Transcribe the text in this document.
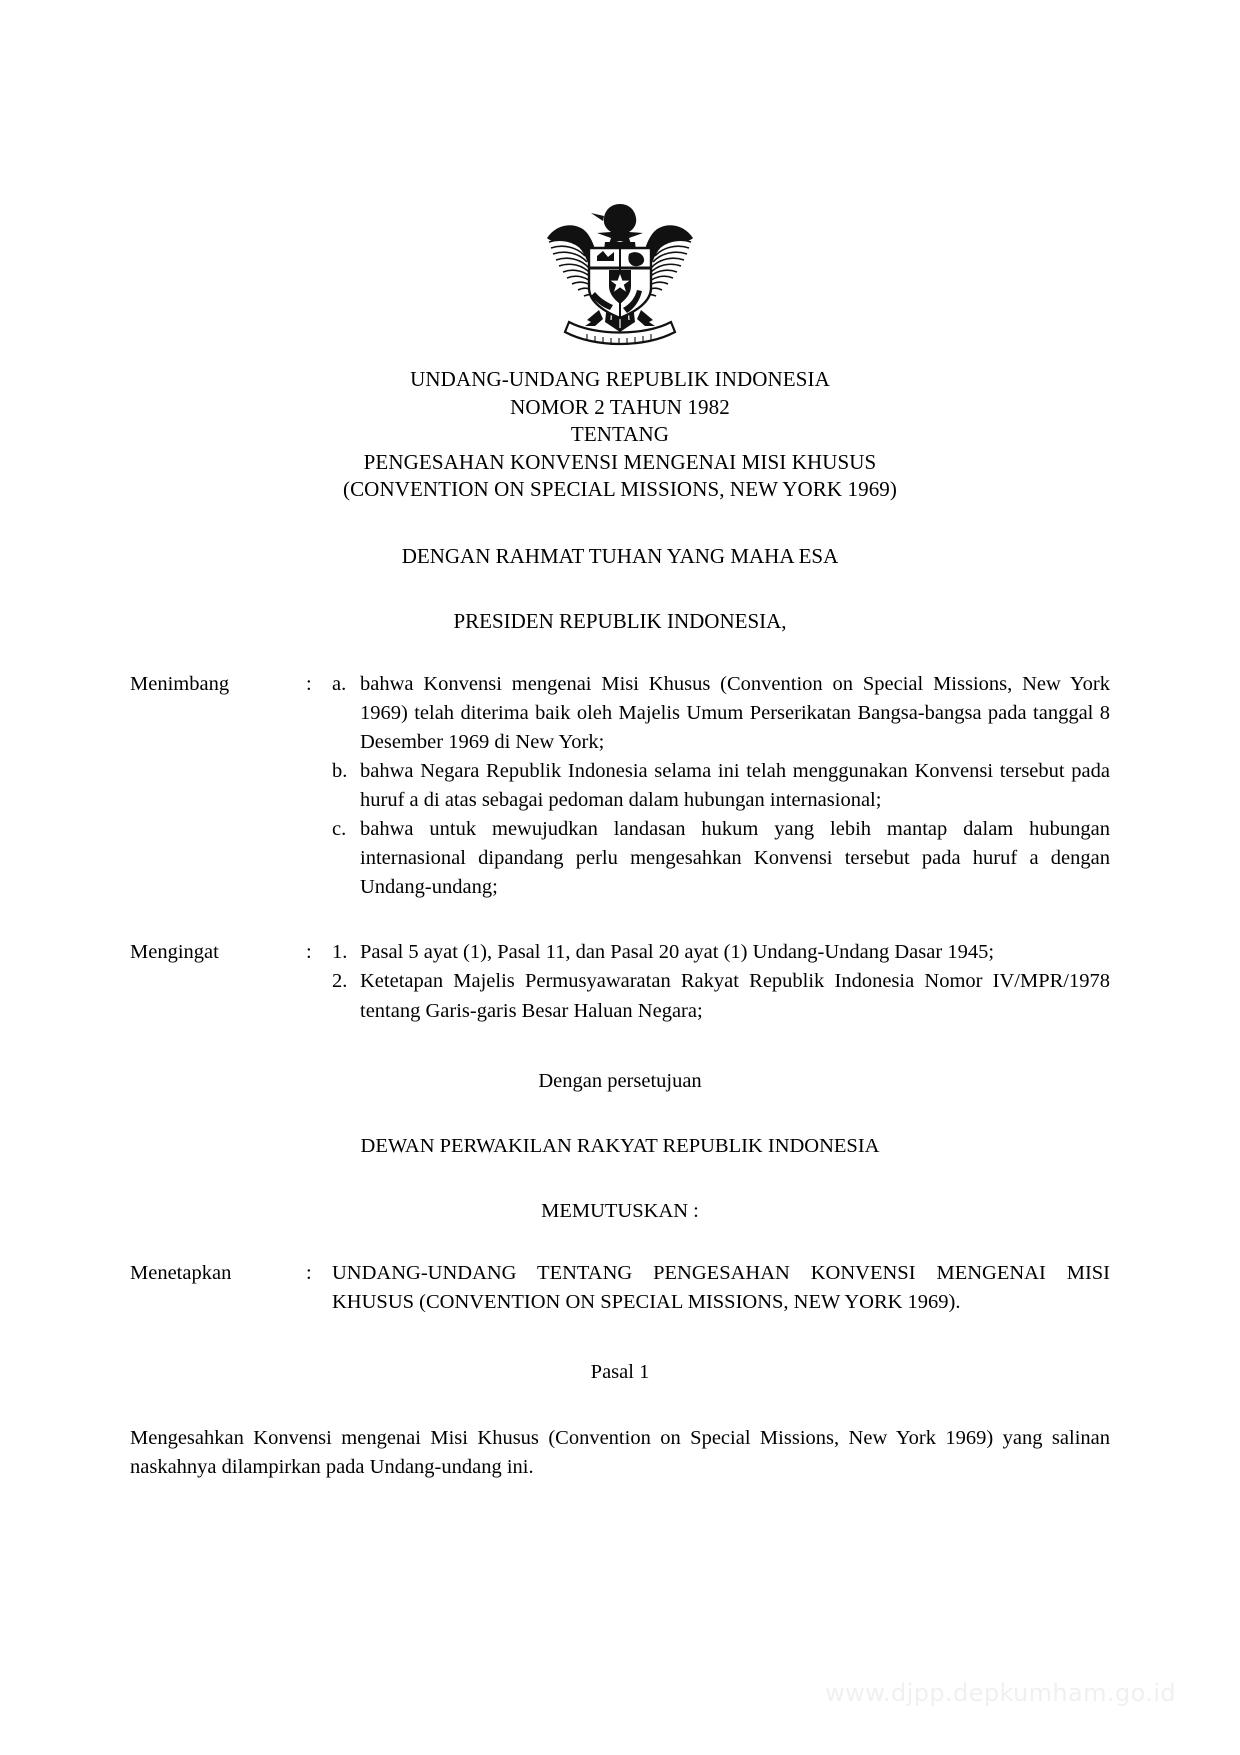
UNDANG-UNDANG REPUBLIK INDONESIA
NOMOR 2 TAHUN 1982
TENTANG
PENGESAHAN KONVENSI MENGENAI MISI KHUSUS
(CONVENTION ON SPECIAL MISSIONS, NEW YORK 1969)
DENGAN RAHMAT TUHAN YANG MAHA ESA
PRESIDEN REPUBLIK INDONESIA,
Menimbang	: a. bahwa Konvensi mengenai Misi Khusus (Convention on Special Missions, New York 1969) telah diterima baik oleh Majelis Umum Perserikatan Bangsa-bangsa pada tanggal 8 Desember 1969 di New York;
b. bahwa Negara Republik Indonesia selama ini telah menggunakan Konvensi tersebut pada huruf a di atas sebagai pedoman dalam hubungan internasional;
c. bahwa untuk mewujudkan landasan hukum yang lebih mantap dalam hubungan internasional dipandang perlu mengesahkan Konvensi tersebut pada huruf a dengan Undang-undang;
Mengingat	: 1. Pasal 5 ayat (1), Pasal 11, dan Pasal 20 ayat (1) Undang-Undang Dasar 1945;
2. Ketetapan Majelis Permusyawaratan Rakyat Republik Indonesia Nomor IV/MPR/1978 tentang Garis-garis Besar Haluan Negara;
Dengan persetujuan
DEWAN PERWAKILAN RAKYAT REPUBLIK INDONESIA
MEMUTUSKAN :
Menetapkan	: UNDANG-UNDANG TENTANG PENGESAHAN KONVENSI MENGENAI MISI KHUSUS (CONVENTION ON SPECIAL MISSIONS, NEW YORK 1969).
Pasal 1
Mengesahkan Konvensi mengenai Misi Khusus (Convention on Special Missions, New York 1969) yang salinan naskahnya dilampirkan pada Undang-undang ini.
www.djpp.depkumham.go.id
